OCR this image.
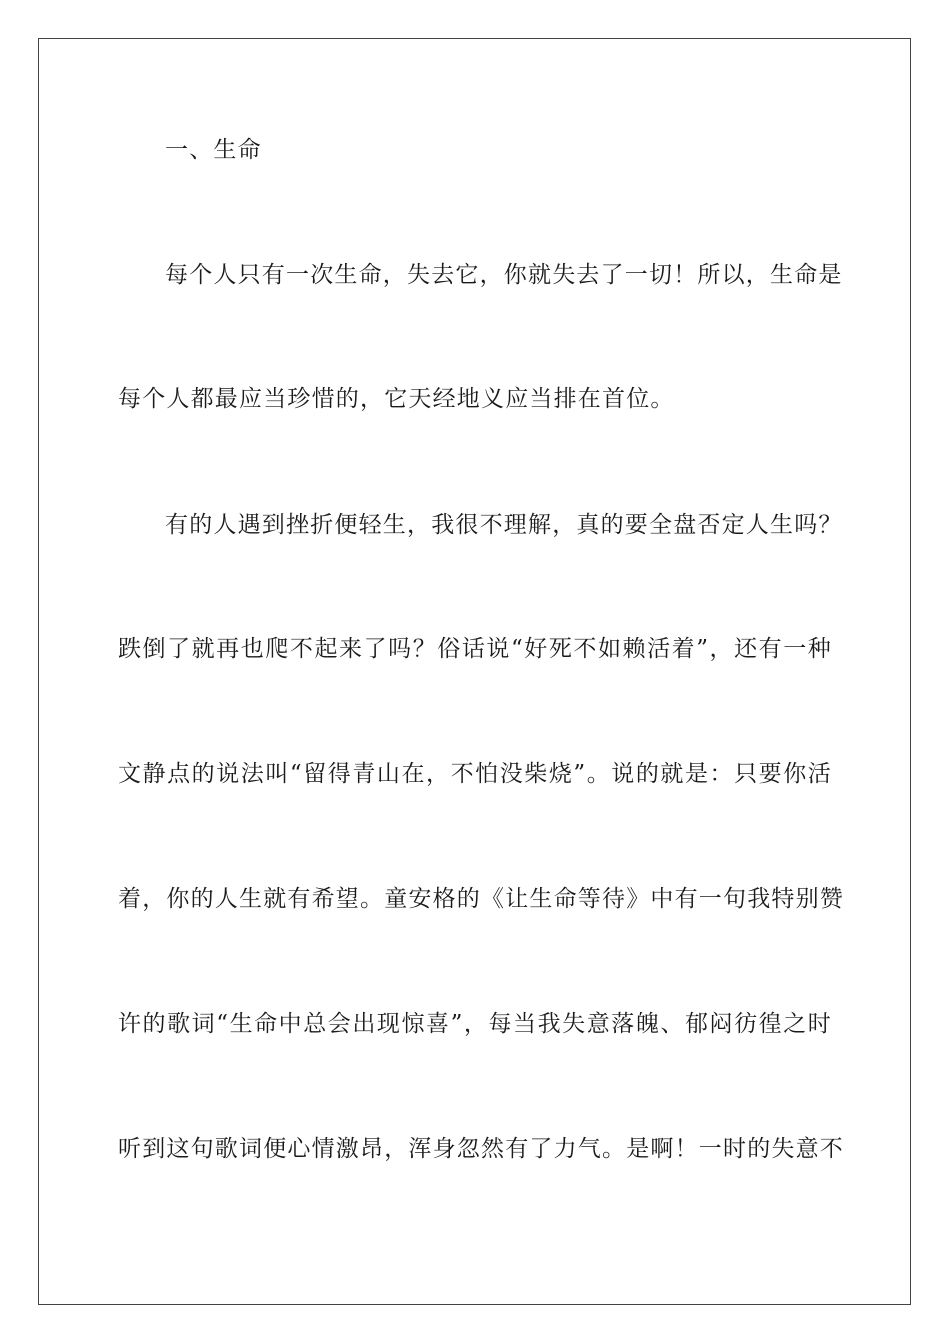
一、生命
每个人只有一次生命，失去它，你就失去了一切！所以，生命是
每个人都最应当珍惜的，它天经地义应当排在首位。
有的人遇到挫折便轻生，我很不理解，真的要全盘否定人生吗？
跌倒了就再也爬不起来了吗？俗话说“好死不如赖活着”，还有一种
文静点的说法叫“留得青山在，不怕没柴烧”。说的就是：只要你活
着，你的人生就有希望。童安格的《让生命等待》中有一句我特别赞
许的歌词“生命中总会出现惊喜”，每当我失意落魄、郁闷彷徨之时
听到这句歌词便心情激昂，浑身忽然有了力气。是啊！一时的失意不
